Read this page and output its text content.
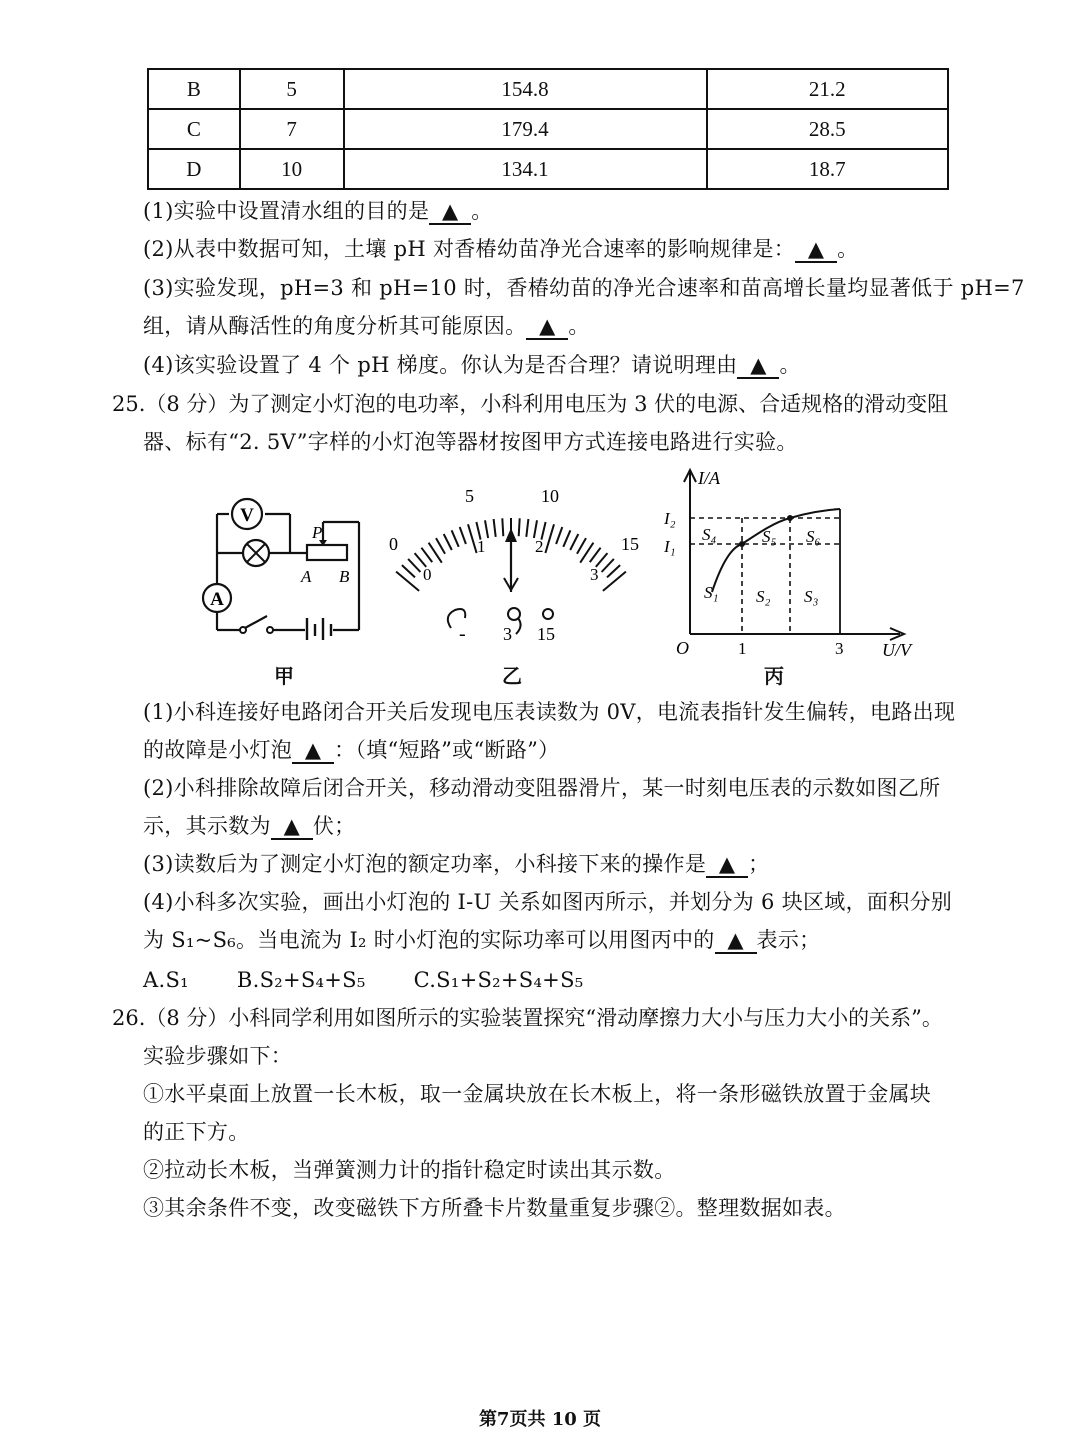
B	5	154.8	21.2
C	7	179.4	28.5
D	10	134.1	18.7
(1)实验中设置清水组的目的是 ▲ 。
(2)从表中数据可知，土壤 pH 对香椿幼苗净光合速率的影响规律是： ▲ 。
(3)实验发现，pH=3 和 pH=10 时，香椿幼苗的净光合速率和苗高增长量均显著低于 pH=7
组，请从酶活性的角度分析其可能原因。 ▲ 。
(4)该实验设置了 4 个 pH 梯度。你认为是否合理？请说明理由 ▲ 。
25.（8 分）为了测定小灯泡的电功率，小科利用电压为 3 伏的电源、合适规格的滑动变阻
器、标有“2. 5V”字样的小灯泡等器材按图甲方式连接电路进行实验。
V
A
P
A B
甲
0
5	10
15
0
1	2
3
- 3 15
乙
I/A
U/V
O	1	3
I₂
I₁
S₁ S₂ S₃
S₄	S₅ S₆
丙
(1)小科连接好电路闭合开关后发现电压表读数为 0V，电流表指针发生偏转，电路出现
的故障是小灯泡 ▲ ：（填“短路”或“断路”）
(2)小科排除故障后闭合开关，移动滑动变阻器滑片，某一时刻电压表的示数如图乙所
示，其示数为 ▲ 伏；
(3)读数后为了测定小灯泡的额定功率，小科接下来的操作是 ▲ ；
(4)小科多次实验，画出小灯泡的 I-U 关系如图丙所示，并划分为 6 块区域，面积分别
为 S₁~S₆。当电流为 I₂ 时小灯泡的实际功率可以用图丙中的 ▲ 表示；
A.S₁ B.S₂+S₄+S₅ C.S₁+S₂+S₄+S₅
26.（8 分）小科同学利用如图所示的实验装置探究“滑动摩擦力大小与压力大小的关系”。
实验步骤如下：
①水平桌面上放置一长木板，取一金属块放在长木板上，将一条形磁铁放置于金属块
的正下方。
②拉动长木板，当弹簧测力计的指针稳定时读出其示数。
③其余条件不变，改变磁铁下方所叠卡片数量重复步骤②。整理数据如表。
第7页共 10 页
